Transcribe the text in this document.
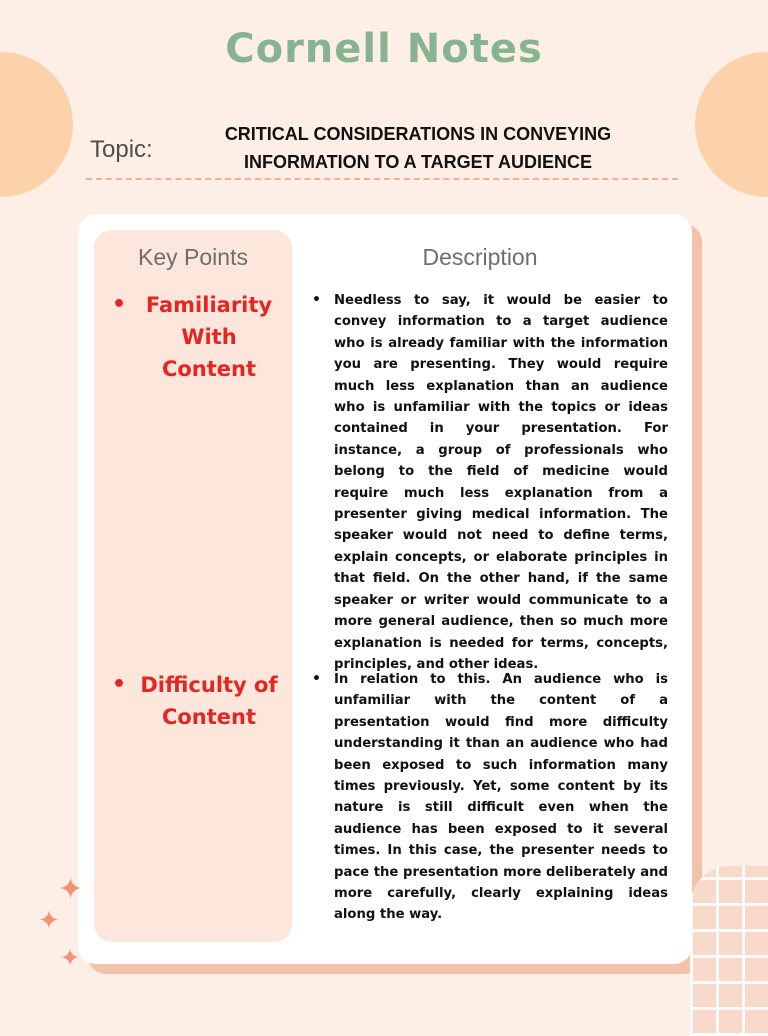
Cornell Notes
Topic:
CRITICAL CONSIDERATIONS IN CONVEYING
INFORMATION TO A TARGET AUDIENCE
Key Points	Description
• Familiarity
With
Content
• Difficulty of
Content
• Needless to say, it would be easier to convey information to a target audience who is already familiar with the information you are presenting. They would require much less explanation than an audience who is unfamiliar with the topics or ideas contained in your presentation. For instance, a group of professionals who belong to the field of medicine would require much less explanation from a presenter giving medical information. The speaker would not need to define terms, explain concepts, or elaborate principles in that field. On the other hand, if the same speaker or writer would communicate to a more general audience, then so much more explanation is needed for terms, concepts, principles, and other ideas.
• In relation to this. An audience who is unfamiliar with the content of a presentation would find more difficulty understanding it than an audience who had been exposed to such information many times previously. Yet, some content by its nature is still difficult even when the audience has been exposed to it several times. In this case, the presenter needs to pace the presentation more deliberately and more carefully, clearly explaining ideas along the way.
✦
✦
✦
